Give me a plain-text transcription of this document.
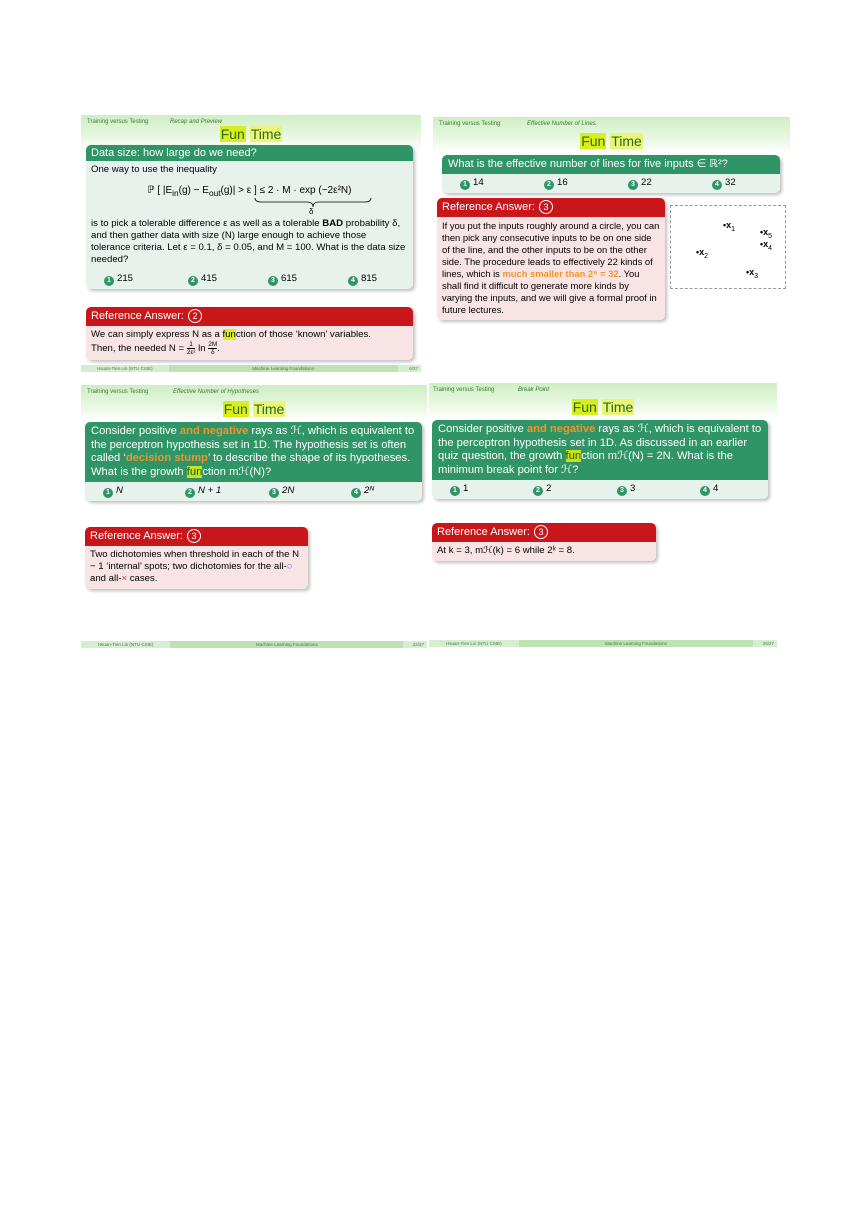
Training versus Testing	Recap and Preview
Fun Time
Data size: how large do we need?
One way to use the inequality
ℙ [ $|E_{in}(g) - E_{out}(g)| > \varepsilon$ ] ≤ 2 · M · exp (−2ε²N)
δ
is to pick a tolerable difference ε as well as a tolerable BAD probability δ, and then gather data with size (N) large enough to achieve those tolerance criteria. Let ε = 0.1, δ = 0.05, and M = 100. What is the data size needed?
1 215	2 415	3 615	4 815
Reference Answer: 2
We can simply express N as a function of those ‘known’ variables.
Then, the needed $N = \frac{1}{\text{2ε²}}$ $\ln \frac{2M}{\delta}$ .
Hsuan-Tien Lin (NTU CSIE)	Machine Learning Foundations	6/27
Training versus Testing	Effective Number of Lines
Fun Time
What is the effective number of lines for five inputs ∈ ℝ²?
1 14	2 16	3 22	4 32
Reference Answer: 3
If you put the inputs roughly around a circle, you can then pick any consecutive inputs to be on one side of the line, and the other inputs to be on the other side. The procedure leads to effectively 22 kinds of lines, which is much smaller than 2⁵ = 32. You shall find it difficult to generate more kinds by varying the inputs, and we will give a formal proof in future lectures.
$•x_1$	$•x_5$
$•x_4$
$•x_2$
$•x_3$
Training versus Testing	Effective Number of Hypotheses
Fun Time
Consider positive and negative rays as ℋ, which is equivalent to the perceptron hypothesis set in 1D. The hypothesis set is often called ‘decision stump’ to describe the shape of its hypotheses. What is the growth function mℋ(N)?
1 N	2 N + 1	3 2N	4 2ᴺ
Reference Answer: 3
Two dichotomies when threshold in each of the N − 1 ‘internal’ spots; two dichotomies for the all-○ and all-× cases.
Hsuan-Tien Lin (NTU CSIE)	Machine Learning Foundations	22/27
Training versus Testing	Break Point
Fun Time
Consider positive and negative rays as ℋ, which is equivalent to the perceptron hypothesis set in 1D. As discussed in an earlier quiz question, the growth function mℋ(N) = 2N. What is the minimum break point for ℋ?
1 1	2 2	3 3	4 4
Reference Answer: 3
At k = 3, mℋ(k) = 6 while 2ᵏ = 8.
Hsuan-Tien Lin (NTU CSIE)	Machine Learning Foundations	26/27
